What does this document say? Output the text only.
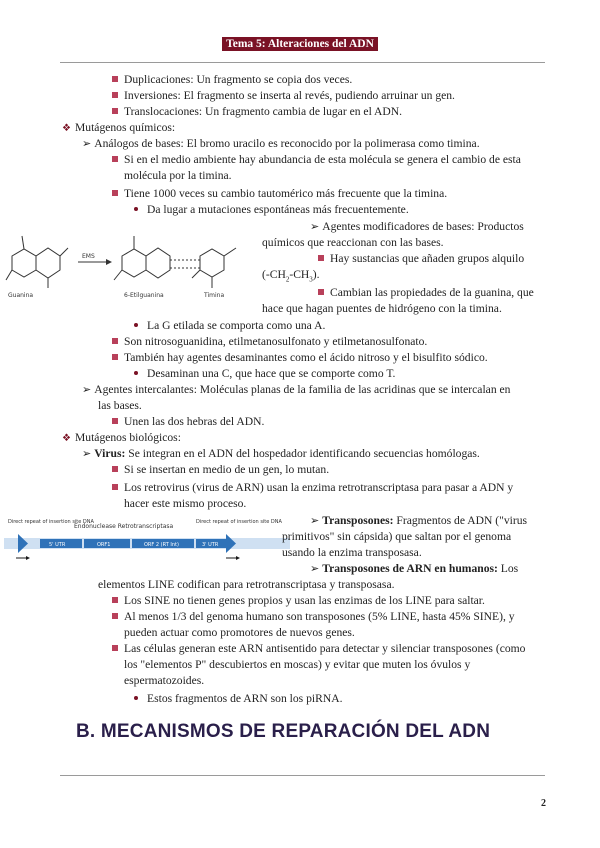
Tema 5: Alteraciones del ADN
Duplicaciones: Un fragmento se copia dos veces.
Inversiones: El fragmento se inserta al revés, pudiendo arruinar un gen.
Translocaciones: Un fragmento cambia de lugar en el ADN.
❖ Mutágenos químicos:
➢ Análogos de bases: El bromo uracilo es reconocido por la polimerasa como timina.
Si en el medio ambiente hay abundancia de esta molécula se genera el cambio de esta
molécula por la timina.
Tiene 1000 veces su cambio tautomérico más frecuente que la timina.
Da lugar a mutaciones espontáneas más frecuentemente.
EMS
Guanina	6-Etilguanina	Timina
➢ Agentes modificadores de bases: Productos
químicos que reaccionan con las bases.
Hay sustancias que añaden grupos alquilo
$(-CH_2-CH_3)$.
Cambian las propiedades de la guanina, que
hace que hagan puentes de hidrógeno con la timina.
La G etilada se comporta como una A.
Son nitrosoguanidina, etilmetanosulfonato y etilmetanosulfonato.
También hay agentes desaminantes como el ácido nitroso y el bisulfito sódico.
Desaminan una C, que hace que se comporte como T.
➢ Agentes intercalantes: Moléculas planas de la familia de las acridinas que se intercalan en
las bases.
Unen las dos hebras del ADN.
❖ Mutágenos biológicos:
➢ Virus: Se integran en el ADN del hospedador identificando secuencias homólogas.
Si se insertan en medio de un gen, lo mutan.
Los retrovirus (virus de ARN) usan la enzima retrotranscriptasa para pasar a ADN y
hacer este mismo proceso.
Direct repeat of insertion site DNA	Direct repeat of insertion site DNA
Endonuclease Retrotranscriptasa
5' UTR	ORF1	ORF 2 (RT Int)	3' UTR
➢ Transposones: Fragmentos de ADN ("virus
primitivos" sin cápsida) que saltan por el genoma
usando la enzima transposasa.
➢ Transposones de ARN en humanos: Los
elementos LINE codifican para retrotranscriptasa y transposasa.
Los SINE no tienen genes propios y usan las enzimas de los LINE para saltar.
Al menos 1/3 del genoma humano son transposones (5% LINE, hasta 45% SINE), y
pueden actuar como promotores de nuevos genes.
Las células generan este ARN antisentido para detectar y silenciar transposones (como
los "elementos P" descubiertos en moscas) y evitar que muten los óvulos y
espermatozoides.
Estos fragmentos de ARN son los piRNA.
B. MECANISMOS DE REPARACIÓN DEL ADN
2
